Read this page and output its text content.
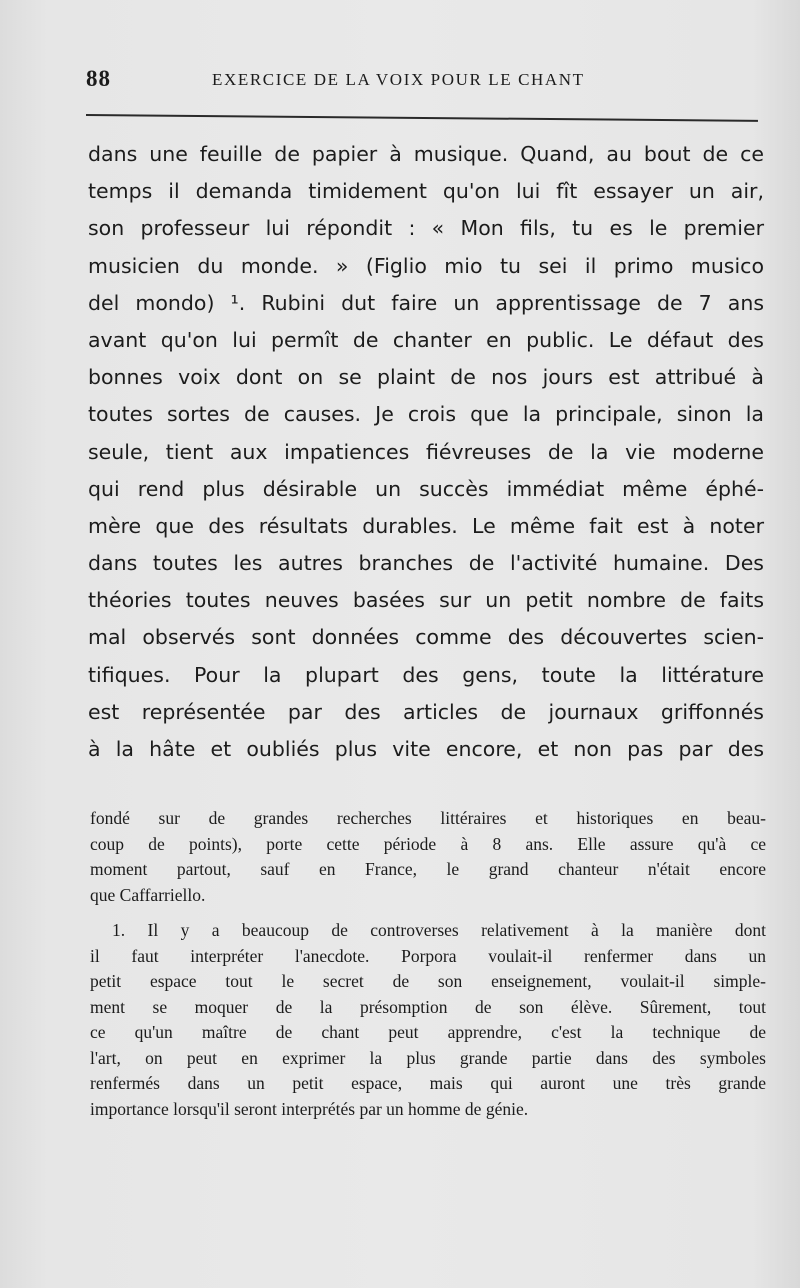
88	EXERCICE DE LA VOIX POUR LE CHANT
dans une feuille de papier à musique. Quand, au bout de ce
temps il demanda timidement qu'on lui fît essayer un air,
son professeur lui répondit : « Mon fils, tu es le premier
musicien du monde. » (Figlio mio tu sei il primo musico
del mondo) ¹. Rubini dut faire un apprentissage de 7 ans
avant qu'on lui permît de chanter en public. Le défaut des
bonnes voix dont on se plaint de nos jours est attribué à
toutes sortes de causes. Je crois que la principale, sinon la
seule, tient aux impatiences fiévreuses de la vie moderne
qui rend plus désirable un succès immédiat même éphé-
mère que des résultats durables. Le même fait est à noter
dans toutes les autres branches de l'activité humaine. Des
théories toutes neuves basées sur un petit nombre de faits
mal observés sont données comme des découvertes scien-
tifiques. Pour la plupart des gens, toute la littérature
est représentée par des articles de journaux griffonnés
à la hâte et oubliés plus vite encore, et non pas par des
fondé sur de grandes recherches littéraires et historiques en beau-
coup de points), porte cette période à 8 ans. Elle assure qu'à ce
moment partout, sauf en France, le grand chanteur n'était encore
que Caffarriello.
1. Il y a beaucoup de controverses relativement à la manière dont
il faut interpréter l'anecdote. Porpora voulait-il renfermer dans un
petit espace tout le secret de son enseignement, voulait-il simple-
ment se moquer de la présomption de son élève. Sûrement, tout
ce qu'un maître de chant peut apprendre, c'est la technique de
l'art, on peut en exprimer la plus grande partie dans des symboles
renfermés dans un petit espace, mais qui auront une très grande
importance lorsqu'il seront interprétés par un homme de génie.
